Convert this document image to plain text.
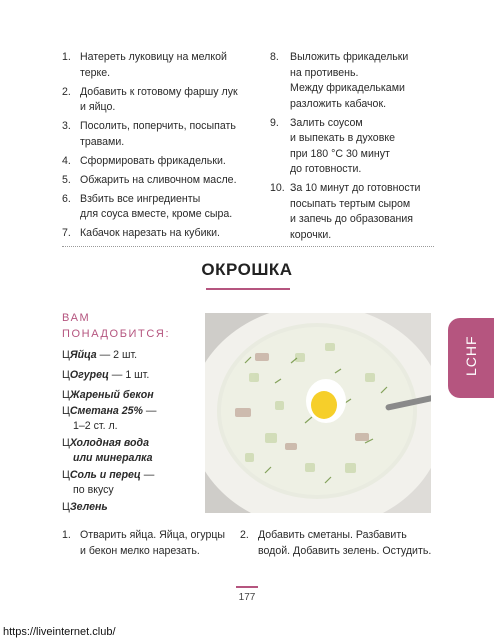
1. Натереть луковицу на мелкой
терке.
2. Добавить к готовому фаршу лук
и яйцо.
3. Посолить, поперчить, посыпать
травами.
4. Сформировать фрикадельки.
5. Обжарить на сливочном масле.
6. Взбить все ингредиенты
для соуса вместе, кроме сыра.
7. Кабачок нарезать на кубики.
8. Выложить фрикадельки
на противень.
Между фрикадельками
разложить кабачок.
9. Залить соусом
и выпекать в духовке
при 180 °С 30 минут
до готовности.
10. За 10 минут до готовности
посыпать тертым сыром
и запечь до образования
корочки.
ОКРОШКА
ВАМ
ПОНАДОБИТСЯ:
ЦЯйца — 2 шт.
ЦОгурец — 1 шт.
ЦЖареный бекон
ЦСметана 25% —
1–2 ст. л.
ЦХолодная вода
или минералка
ЦСоль и перец —
по вкусу
ЦЗелень
LCHF
1. Отварить яйца. Яйца, огурцы
и бекон мелко нарезать.
2. Добавить сметаны. Разбавить
водой. Добавить зелень. Остудить.
177
https://liveinternet.club/
